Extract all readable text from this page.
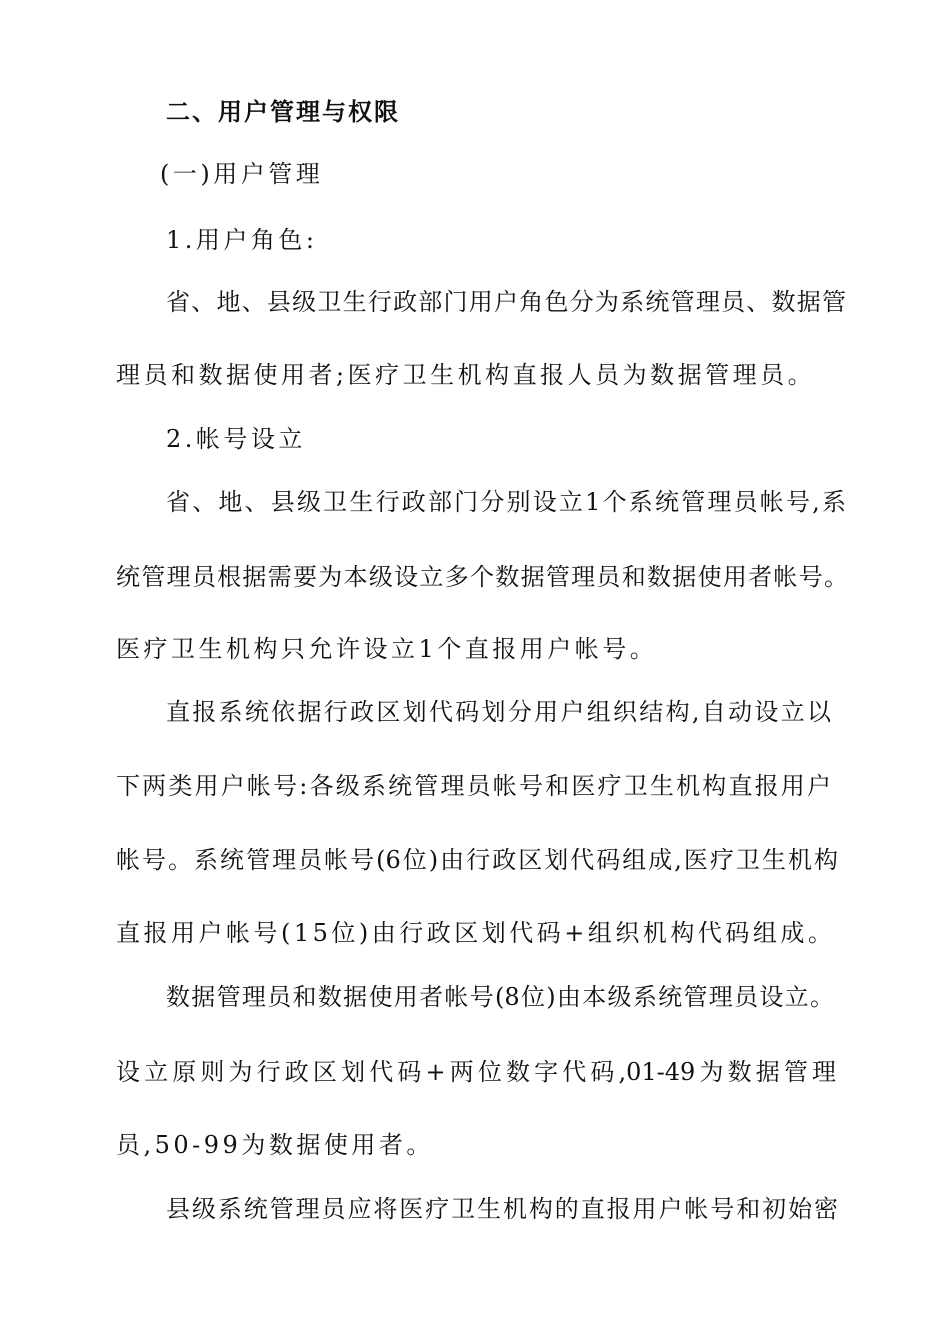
二、用户管理与权限
(一)用户管理
1.用户角色:
省、地、县级卫生行政部门用户角色分为系统管理员、数据管
理员和数据使用者;医疗卫生机构直报人员为数据管理员。
2.帐号设立
省、地、县级卫生行政部门分别设立1个系统管理员帐号,系
统管理员根据需要为本级设立多个数据管理员和数据使用者帐号。
医疗卫生机构只允许设立1个直报用户帐号。
直报系统依据行政区划代码划分用户组织结构,自动设立以
下两类用户帐号:各级系统管理员帐号和医疗卫生机构直报用户
帐号。系统管理员帐号(6位)由行政区划代码组成,医疗卫生机构
直报用户帐号(15位)由行政区划代码+组织机构代码组成。
数据管理员和数据使用者帐号(8位)由本级系统管理员设立。
设立原则为行政区划代码+两位数字代码,01-49为数据管理
员,50-99为数据使用者。
县级系统管理员应将医疗卫生机构的直报用户帐号和初始密
